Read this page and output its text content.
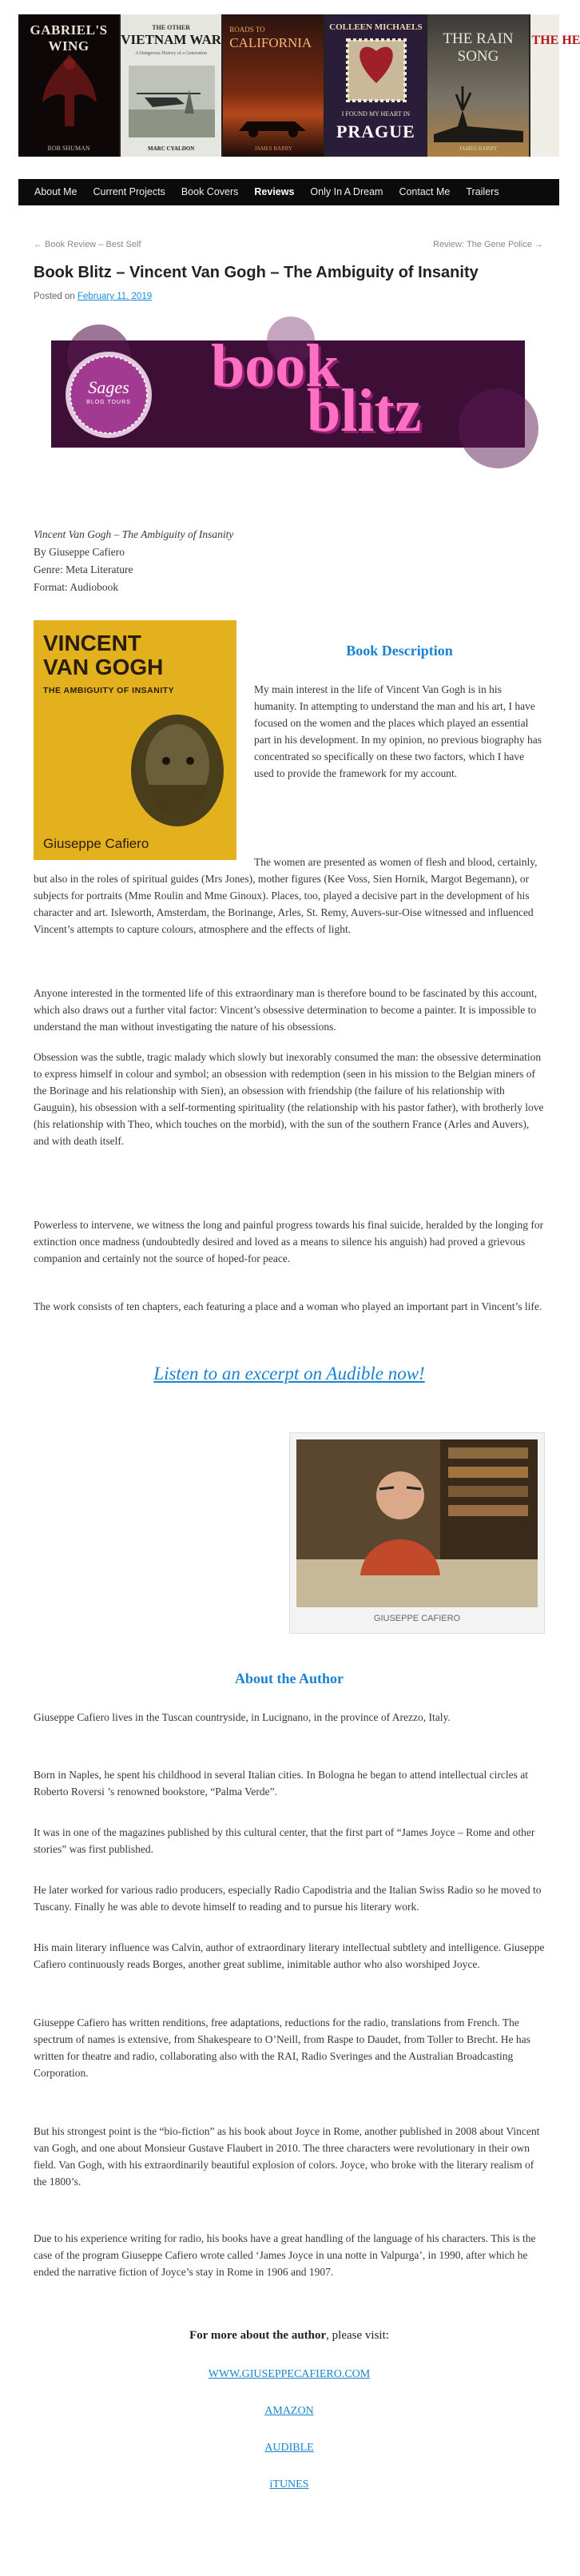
GABRIEL'S WING
ROB SHUMAN
THE OTHER
VIETNAM WAR
A Dangerous History of a Generation
MARC CYALDON
ROADS TO
CALIFORNIA
JAMES BARRY
COLLEEN MICHAELS
I FOUND MY HEART IN
PRAGUE
THE RAIN SONG
JAMES BARRY
THE HE
About Me	Current Projects	Book Covers	Reviews	Only In A Dream	Contact Me	Trailers
← Book Review – Best Self	Review: The Gene Police →
Book Blitz – Vincent Van Gogh – The Ambiguity of Insanity
Posted on February 11, 2019
Sages
BLOG TOURS
book
blitz
Vincent Van Gogh – The Ambiguity of Insanity
By Giuseppe Cafiero
Genre: Meta Literature
Format: Audiobook
VINCENT
VAN GOGH
THE AMBIGUITY OF INSANITY
Giuseppe Cafiero
Book Description

My main interest in the life of Vincent Van Gogh is in his humanity. In attempting to understand the man and his art, I have focused on the women and the places which played an essential part in his development. In my opinion, no previous biography has concentrated so specifically on these two factors, which I have used to provide the framework for my account.

The women are presented as women of flesh and blood, certainly, but also in the roles of spiritual guides (Mrs Jones), mother figures (Kee Voss, Sien Hornik, Margot Begemann), or subjects for portraits (Mme Roulin and Mme Ginoux). Places, too, played a decisive part in the development of his character and art. Isleworth, Amsterdam, the Borinange, Arles, St. Remy, Auvers-sur-Oise witnessed and influenced Vincent’s attempts to capture colours, atmosphere and the effects of light.

Anyone interested in the tormented life of this extraordinary man is therefore bound to be fascinated by this account, which also draws out a further vital factor: Vincent’s obsessive determination to become a painter. It is impossible to understand the man without investigating the nature of his obsessions.

Obsession was the subtle, tragic malady which slowly but inexorably consumed the man: the obsessive determination to express himself in colour and symbol; an obsession with redemption (seen in his mission to the Belgian miners of the Borinage and his relationship with Sien), an obsession with friendship (the failure of his relationship with Gauguin), his obsession with a self-tormenting spirituality (the relationship with his pastor father), with brotherly love (his relationship with Theo, which touches on the morbid), with the sun of the southern France (Arles and Auvers), and with death itself.

Powerless to intervene, we witness the long and painful progress towards his final suicide, heralded by the longing for extinction once madness (undoubtedly desired and loved as a means to silence his anguish) had proved a grievous companion and certainly not the source of hoped-for peace.

The work consists of ten chapters, each featuring a place and a woman who played an important part in Vincent’s life.

Listen to an excerpt on Audible now!
GIUSEPPE CAFIERO
About the Author

Giuseppe Cafiero lives in the Tuscan countryside, in Lucignano, in the province of Arezzo, Italy.

Born in Naples, he spent his childhood in several Italian cities. In Bologna he began to attend intellectual circles at Roberto Roversi ’s renowned bookstore, “Palma Verde”.

It was in one of the magazines published by this cultural center, that the first part of “James Joyce – Rome and other stories” was first published.

He later worked for various radio producers, especially Radio Capodistria and the Italian Swiss Radio so he moved to Tuscany. Finally he was able to devote himself to reading and to pursue his literary work.

His main literary influence was Calvin, author of extraordinary literary intellectual subtlety and intelligence. Giuseppe Cafiero continuously reads Borges, another great sublime, inimitable author who also worshiped Joyce.

Giuseppe Cafiero has written renditions, free adaptations, reductions for the radio, translations from French. The spectrum of names is extensive, from Shakespeare to O’Neill, from Raspe to Daudet, from Toller to Brecht. He has written for theatre and radio, collaborating also with the RAI, Radio Sveringes and the Australian Broadcasting Corporation.

But his strongest point is the “bio-fiction” as his book about Joyce in Rome, another published in 2008 about Vincent van Gogh, and one about Monsieur Gustave Flaubert in 2010. The three characters were revolutionary in their own field. Van Gogh, with his extraordinarily beautiful explosion of colors. Joyce, who broke with the literary realism of the 1800’s.

Due to his experience writing for radio, his books have a great handling of the language of his characters. This is the case of the program Giuseppe Cafiero wrote called ‘James Joyce in una notte in Valpurga’, in 1990, after which he ended the narrative fiction of Joyce’s stay in Rome in 1906 and 1907.

For more about the author, please visit:
WWW.GIUSEPPECAFIERO.COM
AMAZON
AUDIBLE
iTUNES
